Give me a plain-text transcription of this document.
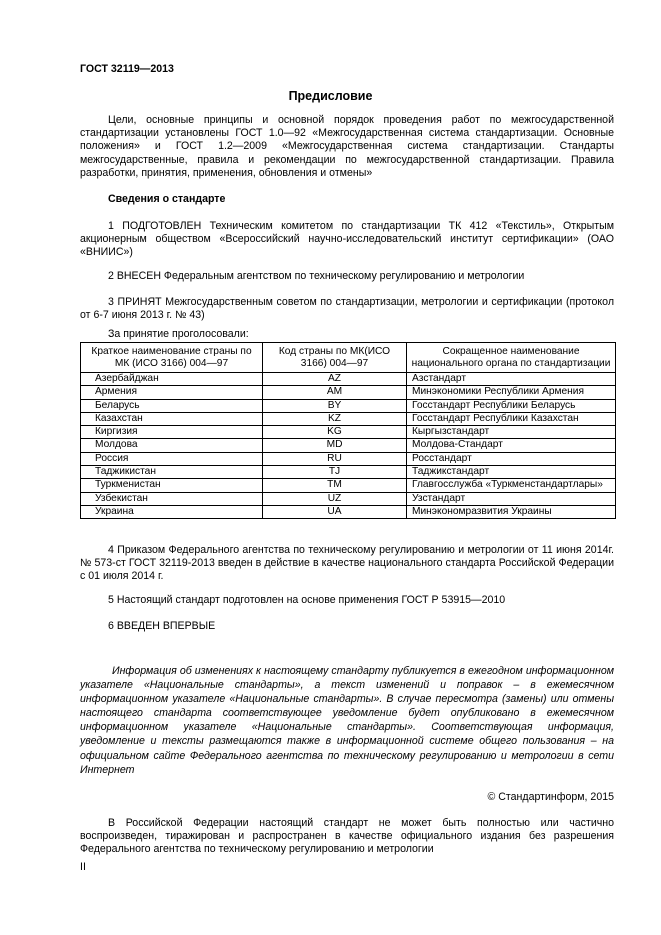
ГОСТ 32119—2013
Предисловие
Цели, основные принципы и основной порядок проведения работ по межгосударственной стандартизации установлены ГОСТ 1.0—92 «Межгосударственная система стандартизации. Основные положения» и ГОСТ 1.2—2009 «Межгосударственная система стандартизации. Стандарты межгосударственные, правила и рекомендации по межгосударственной стандартизации. Правила разработки, принятия, применения, обновления и отмены»
Сведения о стандарте
1 ПОДГОТОВЛЕН Техническим комитетом по стандартизации ТК 412 «Текстиль», Открытым акционерным обществом «Всероссийский научно-исследовательский институт сертификации» (ОАО «ВНИИС»)
2 ВНЕСЕН Федеральным агентством по техническому регулированию и метрологии
3 ПРИНЯТ Межгосударственным советом по стандартизации, метрологии и сертификации (протокол от 6-7 июня 2013 г. № 43)
За принятие проголосовали:
Краткое наименование страны по МК (ИСО 3166) 004—97	Код страны по МК(ИСО 3166) 004—97	Сокращенное наименование национального органа по стандартизации
Азербайджан	AZ	Азстандарт
Армения	AM	Минэкономики Республики Армения
Беларусь	BY	Госстандарт Республики Беларусь
Казахстан	KZ	Госстандарт Республики Казахстан
Киргизия	KG	Кыргызстандарт
Молдова	MD	Молдова-Стандарт
Россия	RU	Росстандарт
Таджикистан	TJ	Таджикстандарт
Туркменистан	TM	Главгосслужба «Туркменстандартлары»
Узбекистан	UZ	Узстандарт
Украина	UA	Минэкономразвития Украины
4 Приказом Федерального агентства по техническому регулированию и метрологии от 11 июня 2014г. № 573-ст ГОСТ 32119-2013 введен в действие в качестве национального стандарта Российской Федерации с 01 июля 2014 г.
5 Настоящий стандарт подготовлен на основе применения ГОСТ Р 53915—2010
6 ВВЕДЕН ВПЕРВЫЕ
Информация об изменениях к настоящему стандарту публикуется в ежегодном информационном указателе «Национальные стандарты», а текст изменений и поправок – в ежемесячном информационном указателе «Национальные стандарты». В случае пересмотра (замены) или отмены настоящего стандарта соответствующее уведомление будет опубликовано в ежемесячном информационном указателе «Национальные стандарты». Соответствующая информация, уведомление и тексты размещаются также в информационной системе общего пользования – на официальном сайте Федерального агентства по техническому регулированию и метрологии в сети Интернет
© Стандартинформ, 2015
В Российской Федерации настоящий стандарт не может быть полностью или частично воспроизведен, тиражирован и распространен в качестве официального издания без разрешения Федерального агентства по техническому регулированию и метрологии
II
